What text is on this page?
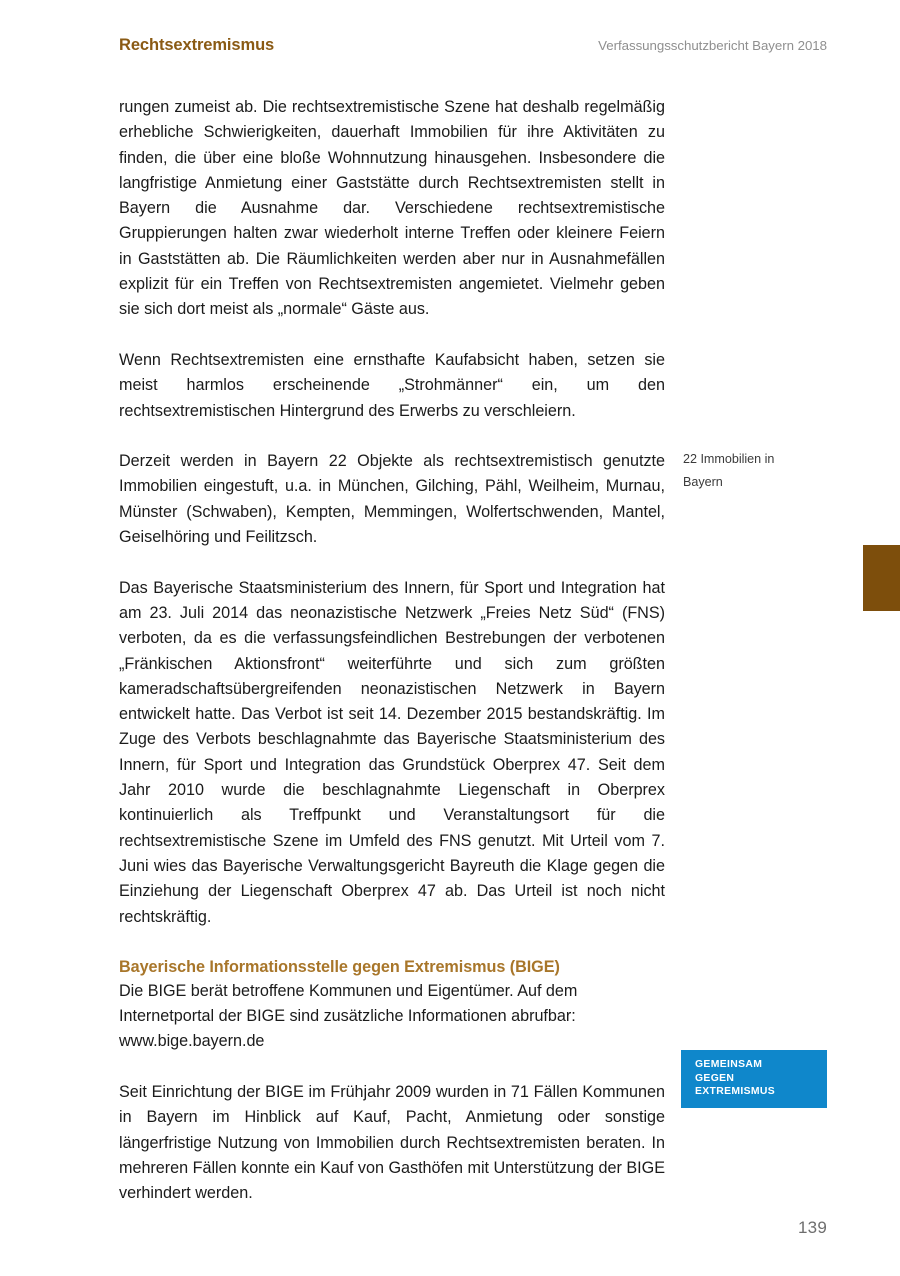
Rechtsextremismus	Verfassungsschutzbericht Bayern 2018

rungen zumeist ab. Die rechtsextremistische Szene hat deshalb regelmäßig erhebliche Schwierigkeiten, dauerhaft Immobilien für ihre Aktivitäten zu finden, die über eine bloße Wohnnutzung hinausgehen. Insbesondere die langfristige Anmietung einer Gaststätte durch Rechtsextremisten stellt in Bayern die Ausnahme dar. Verschiedene rechtsextremistische Gruppierungen halten zwar wiederholt interne Treffen oder kleinere Feiern in Gaststätten ab. Die Räumlichkeiten werden aber nur in Ausnahmefällen explizit für ein Treffen von Rechtsextremisten angemietet. Vielmehr geben sie sich dort meist als „normale“ Gäste aus.

Wenn Rechtsextremisten eine ernsthafte Kaufabsicht haben, setzen sie meist harmlos erscheinende „Strohmänner“ ein, um den rechtsextremistischen Hintergrund des Erwerbs zu verschleiern.

Derzeit werden in Bayern 22 Objekte als rechtsextremistisch genutzte Immobilien eingestuft, u.a. in München, Gilching, Pähl, Weilheim, Murnau, Münster (Schwaben), Kempten, Memmingen, Wolfertschwenden, Mantel, Geiselhöring und Feilitzsch.

Das Bayerische Staatsministerium des Innern, für Sport und Integration hat am 23. Juli 2014 das neonazistische Netzwerk „Freies Netz Süd“ (FNS) verboten, da es die verfassungsfeindlichen Bestrebungen der verbotenen „Fränkischen Aktionsfront“ weiterführte und sich zum größten kameradschaftsübergreifenden neonazistischen Netzwerk in Bayern entwickelt hatte. Das Verbot ist seit 14. Dezember 2015 bestandskräftig. Im Zuge des Verbots beschlagnahmte das Bayerische Staatsministerium des Innern, für Sport und Integration das Grundstück Oberprex 47. Seit dem Jahr 2010 wurde die beschlagnahmte Liegenschaft in Oberprex kontinuierlich als Treffpunkt und Veranstaltungsort für die rechtsextremistische Szene im Umfeld des FNS genutzt. Mit Urteil vom 7. Juni wies das Bayerische Verwaltungsgericht Bayreuth die Klage gegen die Einziehung der Liegenschaft Oberprex 47 ab. Das Urteil ist noch nicht rechtskräftig.

Bayerische Informationsstelle gegen Extremismus (BIGE)

Die BIGE berät betroffene Kommunen und Eigentümer. Auf dem Internetportal der BIGE sind zusätzliche Informationen abrufbar: www.bige.bayern.de

Seit Einrichtung der BIGE im Frühjahr 2009 wurden in 71 Fällen Kommunen in Bayern im Hinblick auf Kauf, Pacht, Anmietung oder sonstige längerfristige Nutzung von Immobilien durch Rechtsextremisten beraten. In mehreren Fällen konnte ein Kauf von Gasthöfen mit Unterstützung der BIGE verhindert werden.

22 Immobilien in
Bayern
GEMEINSAM
GEGEN
EXTREMISMUS
139
